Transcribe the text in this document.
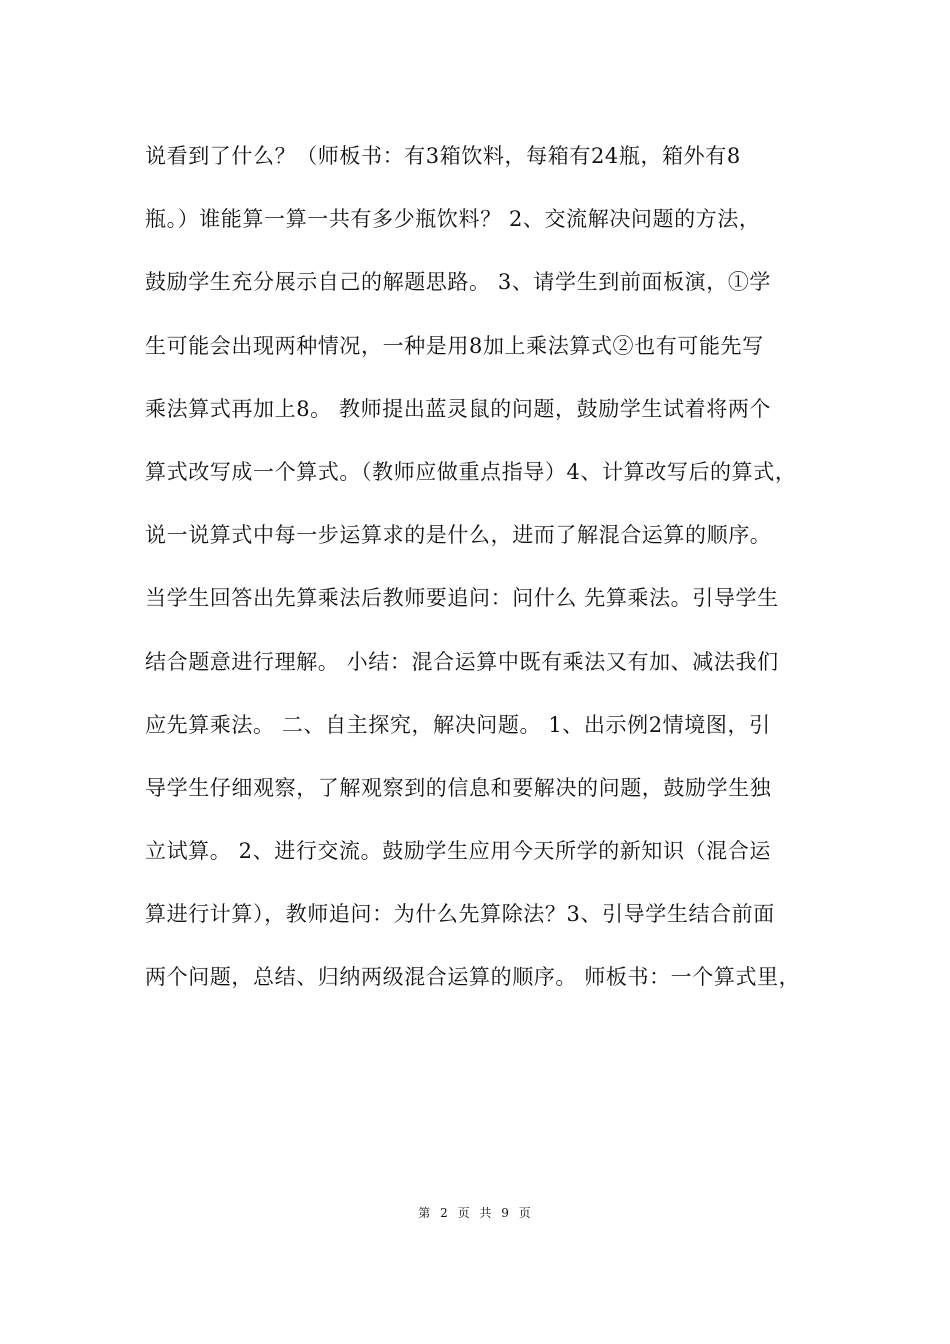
说看到了什么？（师板书：有3箱饮料，每箱有24瓶，箱外有8
瓶。）谁能算一算一共有多少瓶饮料？ 2、交流解决问题的方法，
鼓励学生充分展示自己的解题思路。 3、请学生到前面板演，①学
生可能会出现两种情况，一种是用8加上乘法算式②也有可能先写
乘法算式再加上8。 教师提出蓝灵鼠的问题，鼓励学生试着将两个
算式改写成一个算式。（教师应做重点指导）4、计算改写后的算式，
说一说算式中每一步运算求的是什么，进而了解混合运算的顺序。
当学生回答出先算乘法后教师要追问：问什么 先算乘法。引导学生
结合题意进行理解。 小结：混合运算中既有乘法又有加、减法我们
应先算乘法。 二、自主探究，解决问题。 1、出示例2情境图，引
导学生仔细观察，了解观察到的信息和要解决的问题，鼓励学生独
立试算。 2、进行交流。鼓励学生应用今天所学的新知识（混合运
算进行计算），教师追问：为什么先算除法？3、引导学生结合前面
两个问题，总结、归纳两级混合运算的顺序。 师板书：一个算式里，
第 2 页 共 9 页
